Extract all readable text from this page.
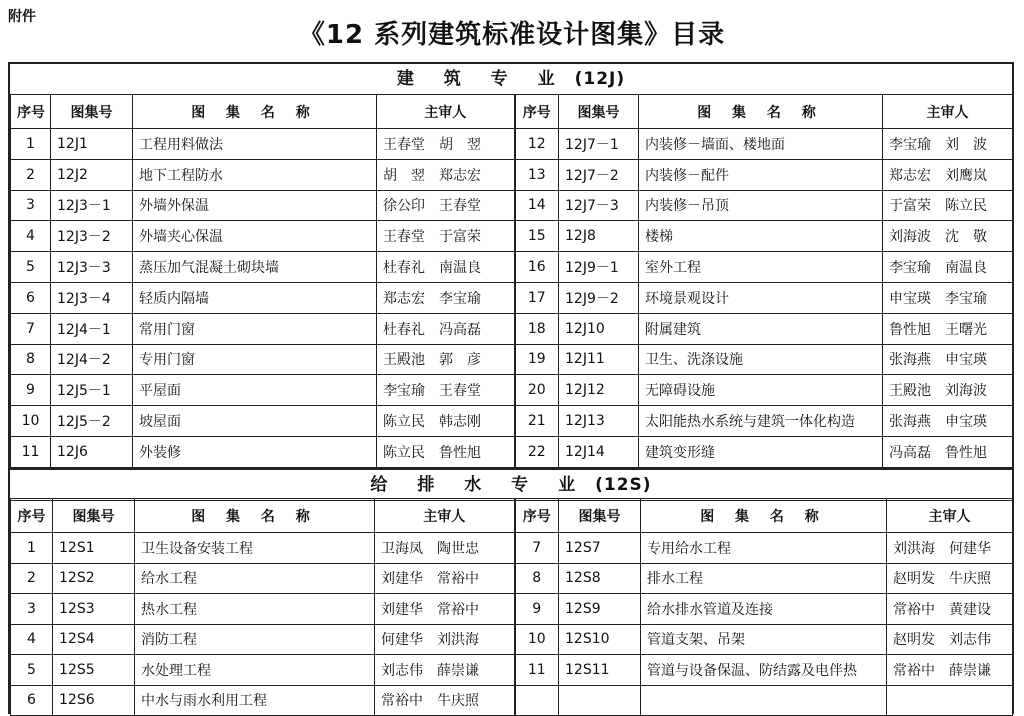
附件
《12 系列建筑标准设计图集》目录
建 筑 专 业 (12J)
序号	图集号	图 集 名 称	主审人	序号	图集号	图 集 名 称	主审人
1	12J1	工程用料做法	王春堂　胡　翌	12	12J7－1	内装修－墙面、楼地面	李宝瑜　刘　波
2	12J2	地下工程防水	胡　翌　郑志宏	13	12J7－2	内装修－配件	郑志宏　刘鹰岚
3	12J3－1	外墙外保温	徐公印　王春堂	14	12J7－3	内装修－吊顶	于富荣　陈立民
4	12J3－2	外墙夹心保温	王春堂　于富荣	15	12J8	楼梯	刘海波　沈　敬
5	12J3－3	蒸压加气混凝土砌块墙	杜春礼　南温良	16	12J9－1	室外工程	李宝瑜　南温良
6	12J3－4	轻质内隔墙	郑志宏　李宝瑜	17	12J9－2	环境景观设计	申宝瑛　李宝瑜
7	12J4－1	常用门窗	杜春礼　冯高磊	18	12J10	附属建筑	鲁性旭　王曙光
8	12J4－2	专用门窗	王殿池　郭　彦	19	12J11	卫生、洗涤设施	张海燕　申宝瑛
9	12J5－1	平屋面	李宝瑜　王春堂	20	12J12	无障碍设施	王殿池　刘海波
10	12J5－2	坡屋面	陈立民　韩志刚	21	12J13	太阳能热水系统与建筑一体化构造	张海燕　申宝瑛
11	12J6	外装修	陈立民　鲁性旭	22	12J14	建筑变形缝	冯高磊　鲁性旭
给 排 水 专 业 (12S)
序号	图集号	图 集 名 称	主审人	序号	图集号	图 集 名 称	主审人
1	12S1	卫生设备安装工程	卫海凤　陶世忠	7	12S7	专用给水工程	刘洪海　何建华
2	12S2	给水工程	刘建华　常裕中	8	12S8	排水工程	赵明发　牛庆照
3	12S3	热水工程	刘建华　常裕中	9	12S9	给水排水管道及连接	常裕中　黄建设
4	12S4	消防工程	何建华　刘洪海	10	12S10	管道支架、吊架	赵明发　刘志伟
5	12S5	水处理工程	刘志伟　薛崇谦	11	12S11	管道与设备保温、防结露及电伴热	常裕中　薛崇谦
6	12S6	中水与雨水利用工程	常裕中　牛庆照				
